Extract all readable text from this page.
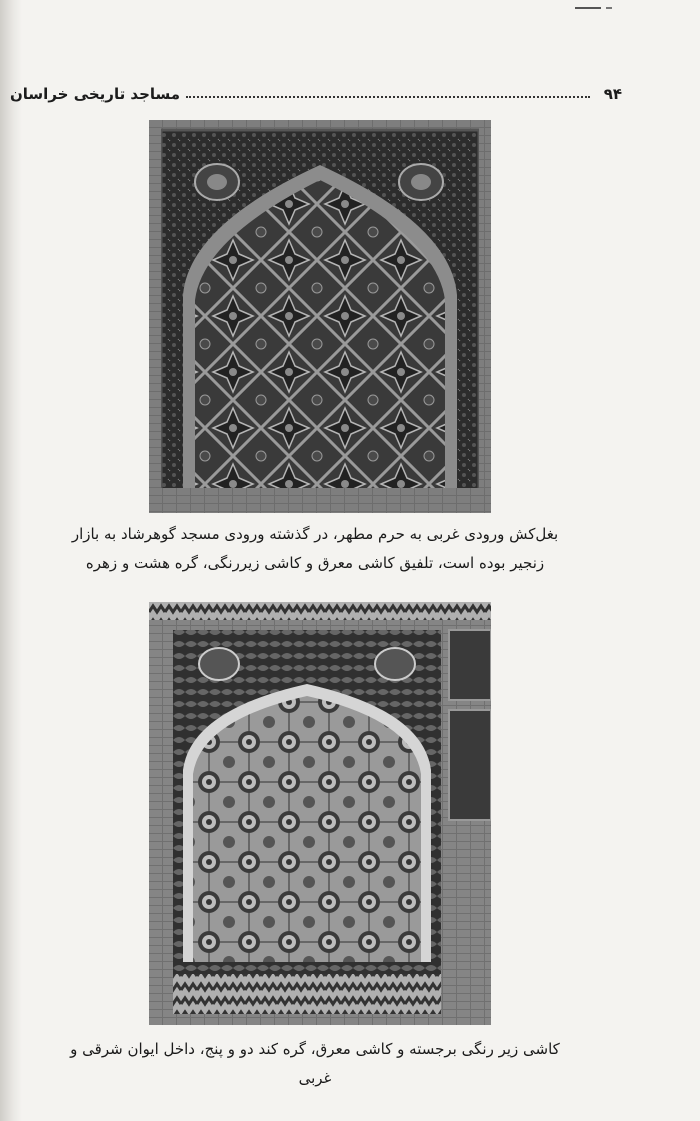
۹۴
مساجد تاریخی خراسان
بغل‌کش ورودی غربی به حرم مطهر، در گذشته ورودی مسجد گوهرشاد به بازار
زنجیر بوده است، تلفیق کاشی معرق و کاشی زیررنگی، گره هشت و زهره
کاشی زیر رنگی برجسته و کاشی معرق، گره کند دو و پنج، داخل ایوان شرقی و غربی
